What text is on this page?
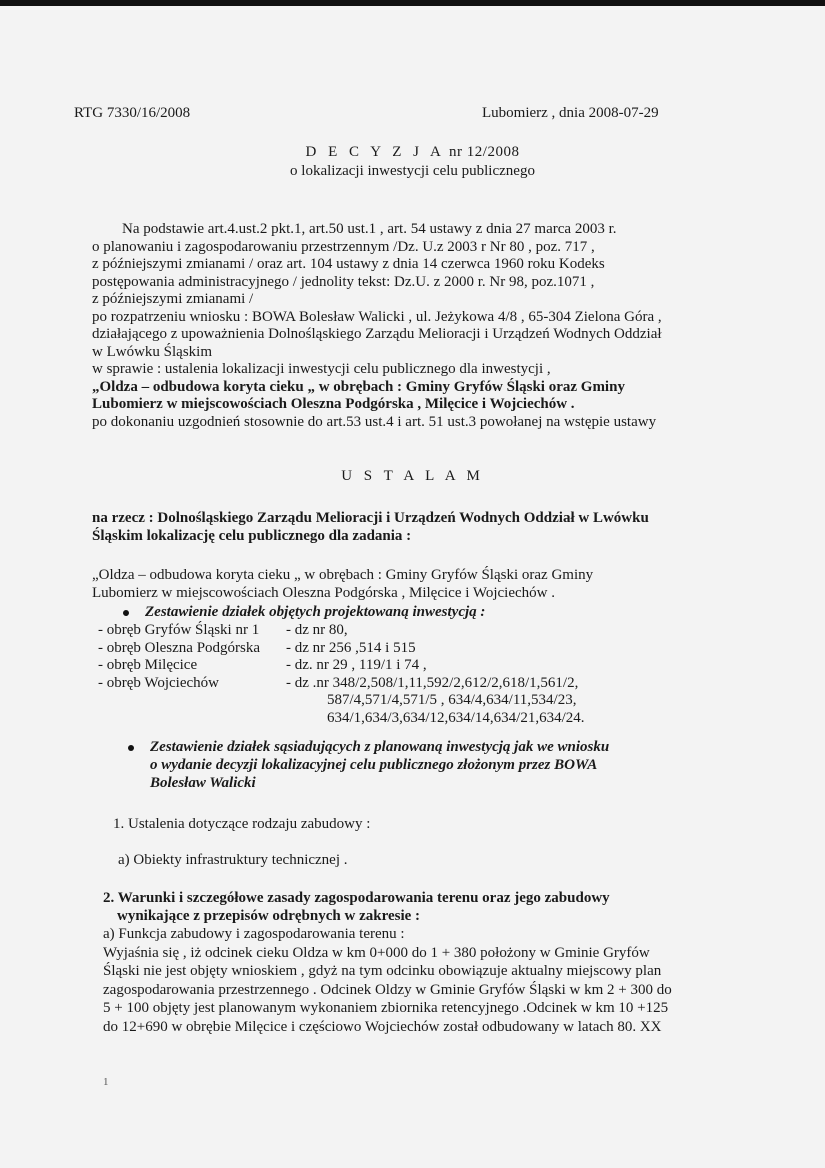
RTG 7330/16/2008	Lubomierz , dnia 2008-07-29
D E C Y Z J A nr 12/2008
o lokalizacji inwestycji celu publicznego
Na podstawie art.4.ust.2 pkt.1, art.50 ust.1 , art. 54 ustawy z dnia 27 marca 2003 r.
o planowaniu i zagospodarowaniu przestrzennym /Dz. U.z 2003 r Nr 80 , poz. 717 ,
z późniejszymi zmianami / oraz art. 104 ustawy z dnia 14 czerwca 1960 roku Kodeks
postępowania administracyjnego / jednolity tekst: Dz.U. z 2000 r. Nr 98, poz.1071 ,
z późniejszymi zmianami /
po rozpatrzeniu wniosku : BOWA Bolesław Walicki , ul. Jeżykowa 4/8 , 65-304 Zielona Góra ,
działającego z upoważnienia Dolnośląskiego Zarządu Melioracji i Urządzeń Wodnych Oddział
w Lwówku Śląskim
w sprawie : ustalenia lokalizacji inwestycji celu publicznego dla inwestycji ,
„Oldza – odbudowa koryta cieku „ w obrębach : Gminy Gryfów Śląski oraz Gminy
Lubomierz w miejscowościach Oleszna Podgórska , Milęcice i Wojciechów .
po dokonaniu uzgodnień stosownie do art.53 ust.4 i art. 51 ust.3 powołanej na wstępie ustawy
U S T A L A M
na rzecz : Dolnośląskiego Zarządu Melioracji i Urządzeń Wodnych Oddział w Lwówku
Śląskim lokalizację celu publicznego dla zadania :
„Oldza – odbudowa koryta cieku „ w obrębach : Gminy Gryfów Śląski oraz Gminy
Lubomierz w miejscowościach Oleszna Podgórska , Milęcice i Wojciechów .
Zestawienie działek objętych projektowaną inwestycją :
- obręb Gryfów Śląski nr 1	- dz nr 80,
- obręb Oleszna Podgórska	- dz nr 256 ,514 i 515
- obręb Milęcice	- dz. nr 29 , 119/1 i 74 ,
- obręb Wojciechów	- dz .nr 348/2,508/1,11,592/2,612/2,618/1,561/2,
587/4,571/4,571/5 , 634/4,634/11,534/23,
634/1,634/3,634/12,634/14,634/21,634/24.
Zestawienie działek sąsiadujących z planowaną inwestycją jak we wniosku
o wydanie decyzji lokalizacyjnej celu publicznego złożonym przez BOWA
Bolesław Walicki
1. Ustalenia dotyczące rodzaju zabudowy :
a) Obiekty infrastruktury technicznej .
2. Warunki i szczegółowe zasady zagospodarowania terenu oraz jego zabudowy
wynikające z przepisów odrębnych w zakresie :
a) Funkcja zabudowy i zagospodarowania terenu :
Wyjaśnia się , iż odcinek cieku Oldza w km 0+000 do 1 + 380 położony w Gminie Gryfów
Śląski nie jest objęty wnioskiem , gdyż na tym odcinku obowiązuje aktualny miejscowy plan
zagospodarowania przestrzennego . Odcinek Oldzy w Gminie Gryfów Śląski w km 2 + 300 do
5 + 100 objęty jest planowanym wykonaniem zbiornika retencyjnego .Odcinek w km 10 +125
do 12+690 w obrębie Milęcice i częściowo Wojciechów został odbudowany w latach 80. XX
1
